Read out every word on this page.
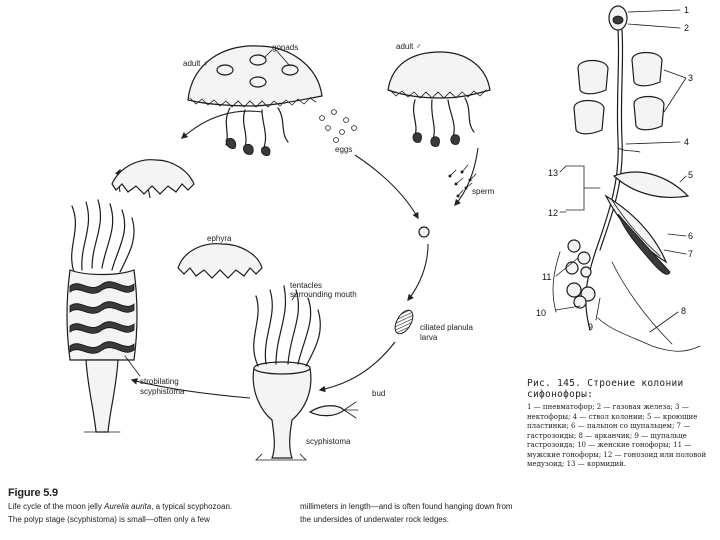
adult ♀
gonads
eggs
adult ♂
sperm
ciliated planula
larva
tentacles
surrounding mouth
bud
scyphistoma
strobilating
scyphistoma
ephyra
1
2
3
4
5
6
7
8
9
10
11
12
13
Figure 5.9
Life cycle of the moon jelly Aurelia aurita, a typical scyphozoan.
The polyp stage (scyphistoma) is small—often only a few
millimeters in length—and is often found hanging down from
the undersides of underwater rock ledges.
Рис. 145. Строение колонии
сифонофоры:
1 — пневматофор; 2 — газовая железа; 3 — нектофоры; 4 — ствол колонии; 5 — кроющие пластинки; 6 — пальпон со щупальцем; 7 — гастрозоиды; 8 — арканчик; 9 — щупальце гастрозоида; 10 — женские гонофоры; 11 — мужские гонофоры; 12 — гонозоид или половой медузоид; 13 — кормидий.
